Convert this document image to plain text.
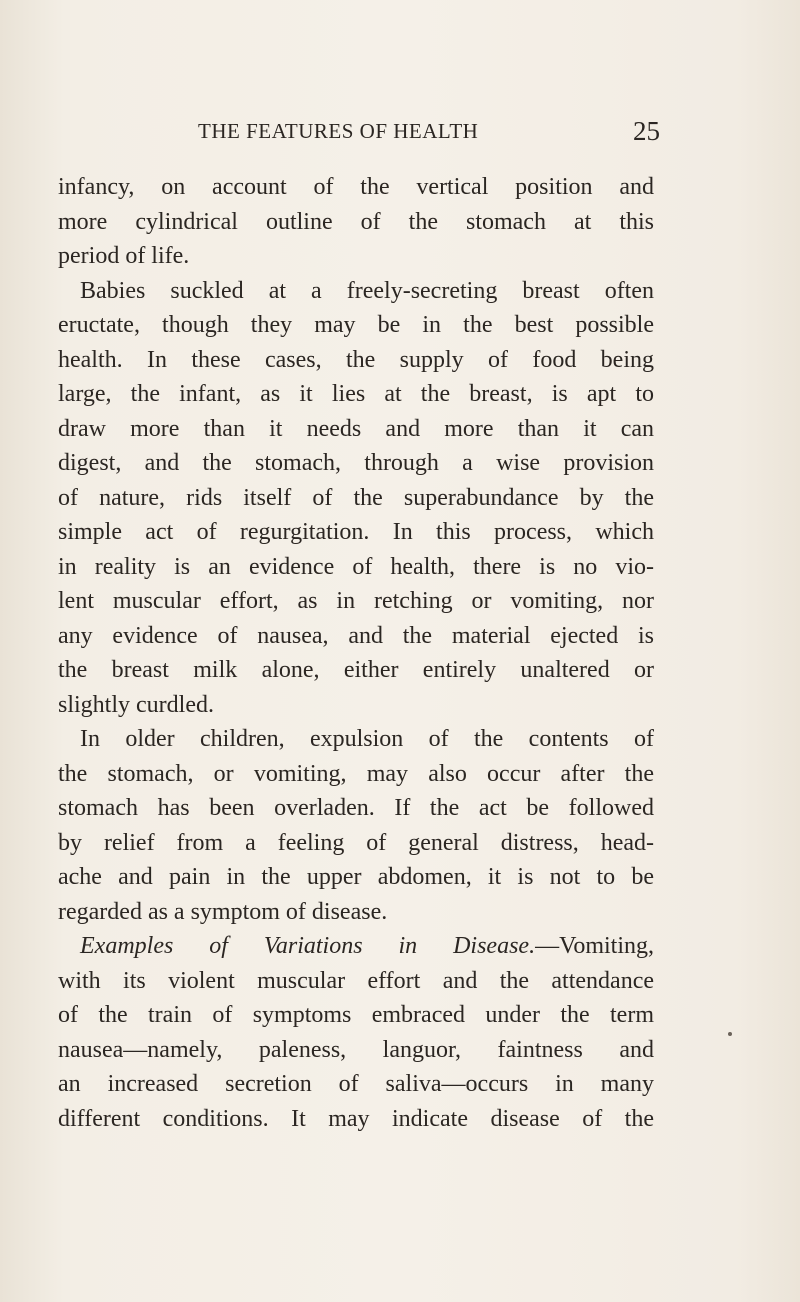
THE FEATURES OF HEALTH	25
infancy, on account of the vertical position and
more cylindrical outline of the stomach at this
period of life.
Babies suckled at a freely-secreting breast often
eructate, though they may be in the best possible
health. In these cases, the supply of food being
large, the infant, as it lies at the breast, is apt to
draw more than it needs and more than it can
digest, and the stomach, through a wise provision
of nature, rids itself of the superabundance by the
simple act of regurgitation. In this process, which
in reality is an evidence of health, there is no vio-
lent muscular effort, as in retching or vomiting, nor
any evidence of nausea, and the material ejected is
the breast milk alone, either entirely unaltered or
slightly curdled.
In older children, expulsion of the contents of
the stomach, or vomiting, may also occur after the
stomach has been overladen. If the act be followed
by relief from a feeling of general distress, head-
ache and pain in the upper abdomen, it is not to be
regarded as a symptom of disease.
Examples of Variations in Disease.—Vomiting,
with its violent muscular effort and the attendance
of the train of symptoms embraced under the term
nausea—namely, paleness, languor, faintness and
an increased secretion of saliva—occurs in many
different conditions. It may indicate disease of the
